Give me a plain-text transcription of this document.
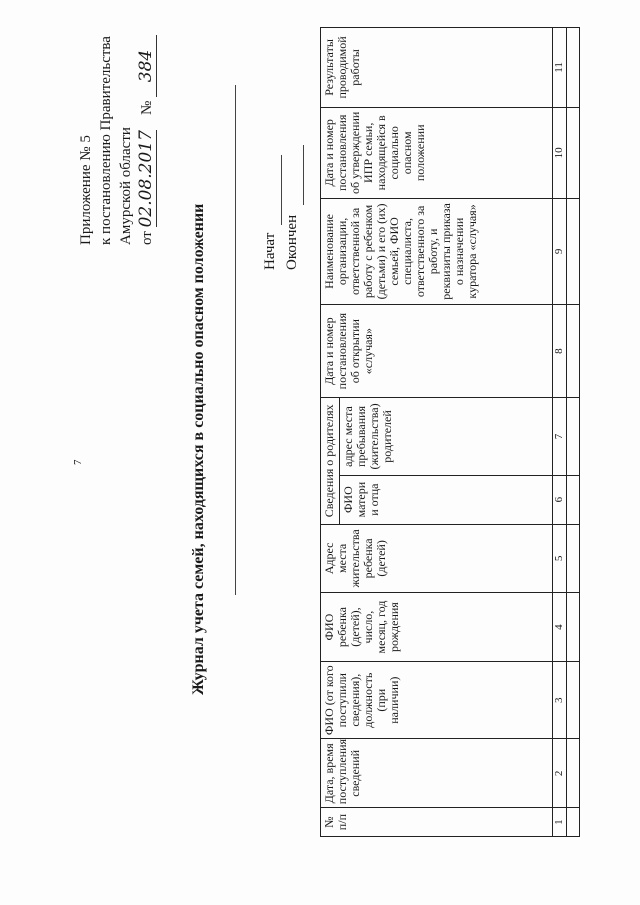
7
Приложение № 5 к постановлению Правительства Амурской области от 02.08.2017    № 384
Журнал учета семей, находящихся в социально опасном положении	Начат Окончен
№ п/п	Дата, время поступления сведений	ФИО (от кого поступили сведения), должность (при наличии)	ФИО ребенка (детей), число, месяц, год рождения	Адрес места жительства ребенка (детей)	Сведения о родителях		Дата и номер постановления об открытии «случая»	Наименование организации, ответственной за работу с ребенком (детьми) и его (их) семьей, ФИО специалиста, ответственного за работу, и реквизиты приказа о назначении куратора «случая»	Дата и номер постановления об утверждении ИПР семьи, находящейся в социально опасном положении	Результаты проводимой работы
					ФИО матери и отца	адрес места пребывания (жительства) родителей				
1	2	3	4	5	6	7	8	9	10	11
